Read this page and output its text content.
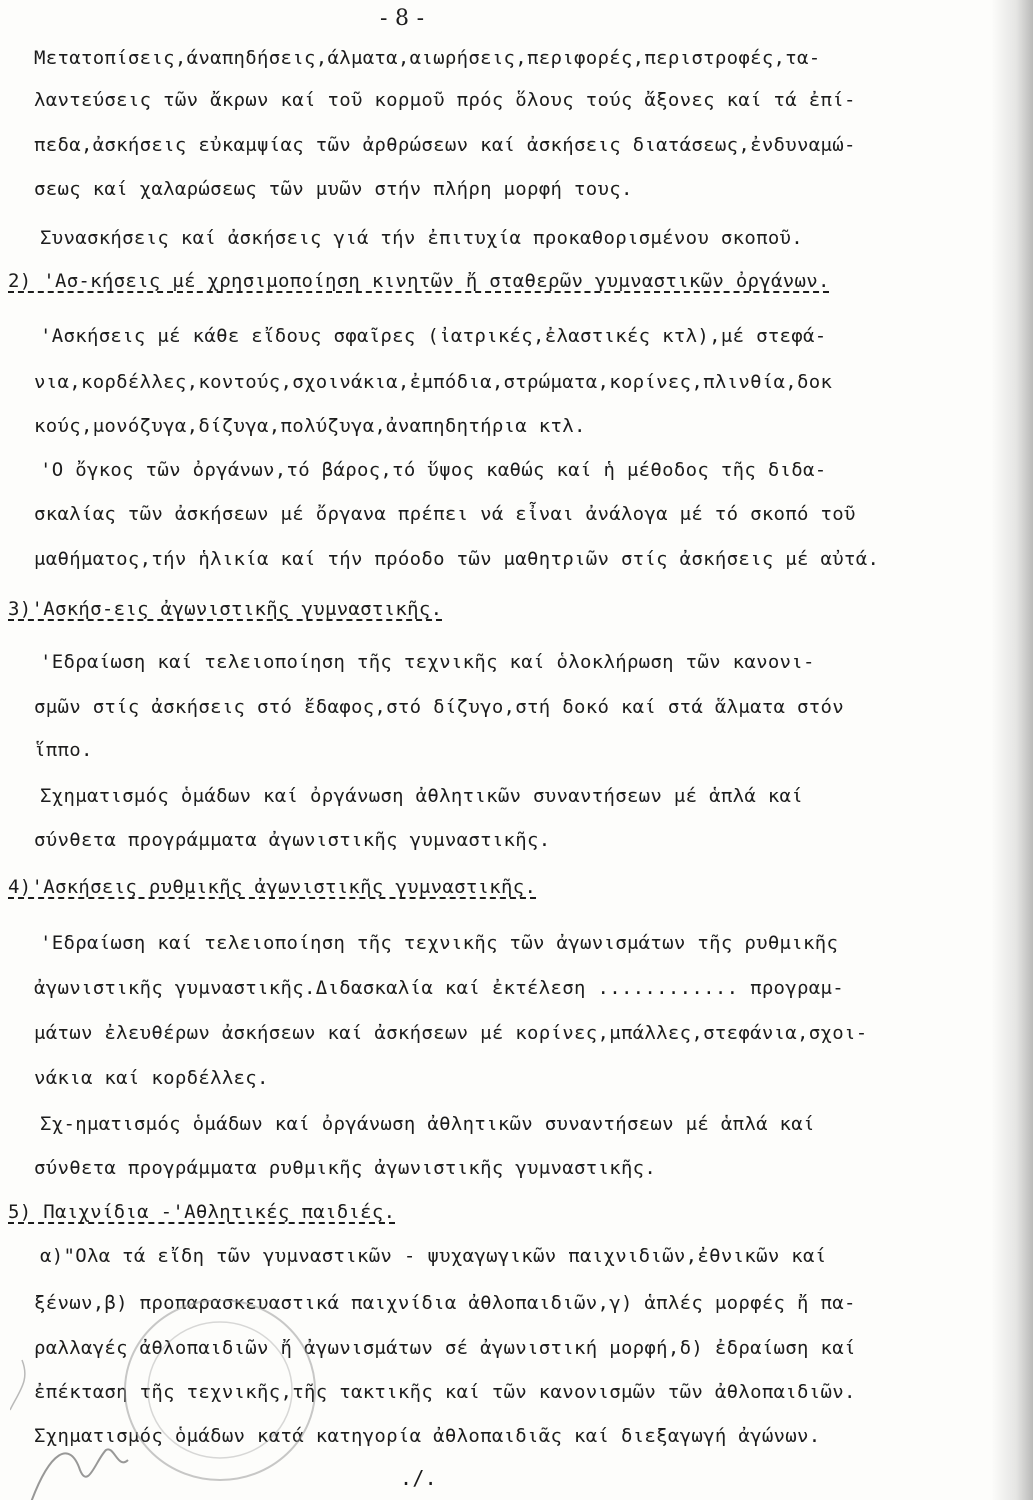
- 8 -
Μετατοπίσεις,άναπηδήσεις,άλματα,αιωρήσεις,περιφορές,περιστροφές,τα-
λαντεύσεις τῶν ἄκρων καί τοῦ κορμοῦ πρός ὅλους τούς ἄξονες καί τά ἐπί-
πεδα,ἀσκήσεις εὐκαμψίας τῶν ἀρθρώσεων καί ἀσκήσεις διατάσεως,ἐνδυναμώ-
σεως καί χαλαρώσεως τῶν μυῶν στήν πλήρη μορφή τους.
Συνασκήσεις καί ἀσκήσεις γιά τήν ἐπιτυχία προκαθορισμένου σκοποῦ.
2) 'Ασ-κήσεις μέ χρησιμοποίηση κινητῶν ἤ σταθερῶν γυμναστικῶν ὀργάνων.
'Ασκήσεις μέ κάθε εἴδους σφαῖρες (ἰατρικές,ἐλαστικές κτλ),μέ στεφά-
νια,κορδέλλες,κοντούς,σχοινάκια,ἐμπόδια,στρώματα,κορίνες,πλινθία,δοκ
κούς,μονόζυγα,δίζυγα,πολύζυγα,ἀναπηδητήρια κτλ.
'Ο ὄγκος τῶν ὀργάνων,τό βάρος,τό ὕψος καθώς καί ἡ μέθοδος τῆς διδα-
σκαλίας τῶν ἀσκήσεων μέ ὄργανα πρέπει νά εἶναι ἀνάλογα μέ τό σκοπό τοῦ
μαθήματος,τήν ἡλικία καί τήν πρόοδο τῶν μαθητριῶν στίς ἀσκήσεις μέ αὐτά.
3)'Ασκήσ-εις ἀγωνιστικῆς γυμναστικῆς.
'Εδραίωση καί τελειοποίηση τῆς τεχνικῆς καί ὁλοκλήρωση τῶν κανονι-
σμῶν στίς ἀσκήσεις στό ἔδαφος,στό δίζυγο,στή δοκό καί στά ἅλματα στόν
ἵππο.
Σχηματισμός ὁμάδων καί ὀργάνωση ἀθλητικῶν συναντήσεων μέ ἁπλά καί
σύνθετα προγράμματα ἀγωνιστικῆς γυμναστικῆς.
4)'Ασκήσεις ρυθμικῆς ἀγωνιστικῆς γυμναστικῆς.
'Εδραίωση καί τελειοποίηση τῆς τεχνικῆς τῶν ἀγωνισμάτων τῆς ρυθμικῆς
ἀγωνιστικῆς γυμναστικῆς.Διδασκαλία καί ἐκτέλεση ............ προγραμ-
μάτων ἐλευθέρων ἀσκήσεων καί ἀσκήσεων μέ κορίνες,μπάλλες,στεφάνια,σχοι-
νάκια καί κορδέλλες.
Σχ-ηματισμός ὁμάδων καί ὀργάνωση ἀθλητικῶν συναντήσεων μέ ἁπλά καί
σύνθετα προγράμματα ρυθμικῆς ἀγωνιστικῆς γυμναστικῆς.
5) Παιχνίδια -'Αθλητικές παιδιές.
α)"Ολα τά εἴδη τῶν γυμναστικῶν - ψυχαγωγικῶν παιχνιδιῶν,ἐθνικῶν καί
ξένων,β) προπαρασκευαστικά παιχνίδια ἀθλοπαιδιῶν,γ) ἁπλές μορφές ἤ πα-
ραλλαγές ἀθλοπαιδιῶν ἤ ἀγωνισμάτων σέ ἀγωνιστική μορφή,δ) ἐδραίωση καί
ἐπέκταση τῆς τεχνικῆς,τῆς τακτικῆς καί τῶν κανονισμῶν τῶν ἀθλοπαιδιῶν.
Σχηματισμός ὁμάδων κατά κατηγορία ἀθλοπαιδιᾶς καί διεξαγωγή ἀγώνων.
./.
